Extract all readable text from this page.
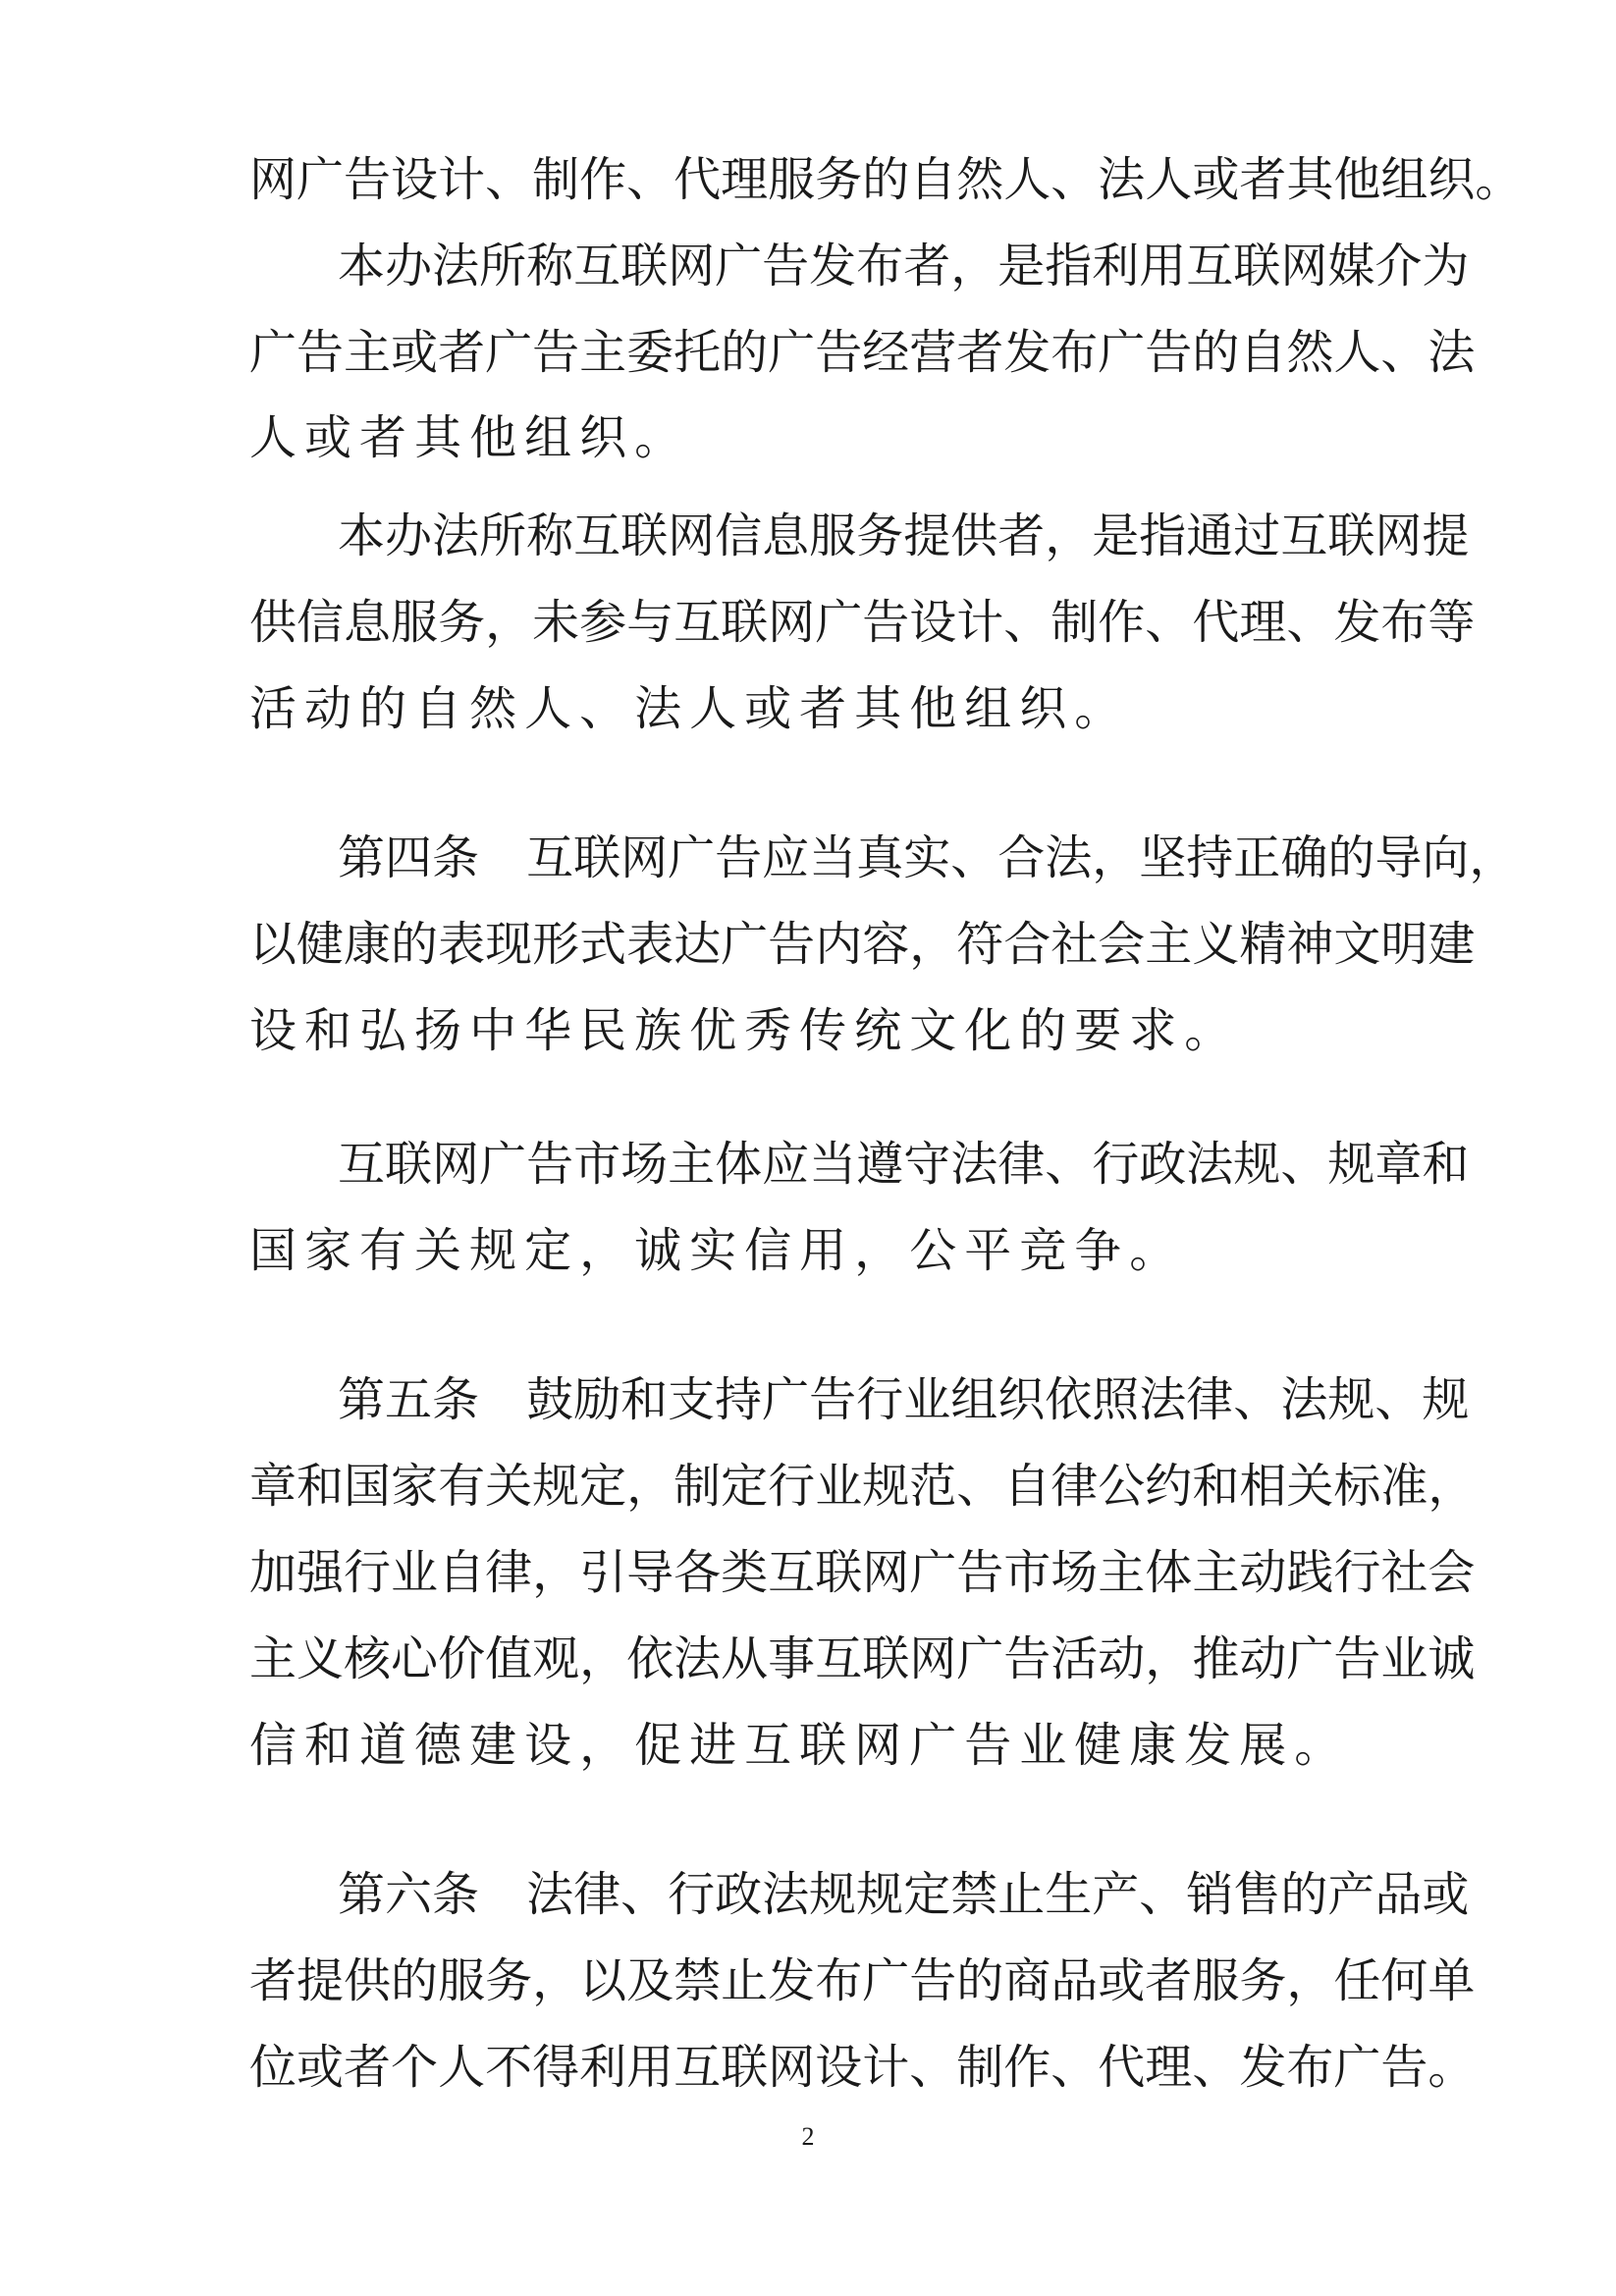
网 广 告 设 计 、 制 作 、 代 理 服 务 的 自 然 人 、 法 人 或 者 其 他 组 织 。
本 办 法 所 称 互 联 网 广 告 发 布 者 ， 是 指 利 用 互 联 网 媒 介 为
广 告 主 或 者 广 告 主 委 托 的 广 告 经 营 者 发 布 广 告 的 自 然 人 、 法
人 或 者 其 他 组 织 。
本 办 法 所 称 互 联 网 信 息 服 务 提 供 者 ， 是 指 通 过 互 联 网 提
供 信 息 服 务 ， 未 参 与 互 联 网 广 告 设 计 、 制 作 、 代 理 、 发 布 等
活 动 的 自 然 人 、 法 人 或 者 其 他 组 织 。
第 四 条
　 互 联 网 广 告 应 当 真 实 、 合 法 ， 坚 持 正 确 的 导 向 ，
以 健 康 的 表 现 形 式 表 达 广 告 内 容 ， 符 合 社 会 主 义 精 神 文 明 建
设 和 弘 扬 中 华 民 族 优 秀 传 统 文 化 的 要 求 。
互 联 网 广 告 市 场 主 体 应 当 遵 守 法 律 、 行 政 法 规 、 规 章 和
国 家 有 关 规 定 ， 诚 实 信 用 ， 公 平 竞 争 。
第 五 条
　 鼓 励 和 支 持 广 告 行 业 组 织 依 照 法 律 、 法 规 、 规
章 和 国 家 有 关 规 定 ， 制 定 行 业 规 范 、 自 律 公 约 和 相 关 标 准 ，
加 强 行 业 自 律 ， 引 导 各 类 互 联 网 广 告 市 场 主 体 主 动 践 行 社 会
主 义 核 心 价 值 观 ， 依 法 从 事 互 联 网 广 告 活 动 ， 推 动 广 告 业 诚
信 和 道 德 建 设 ， 促 进 互 联 网 广 告 业 健 康 发 展 。
第 六 条
　 法 律 、 行 政 法 规 规 定 禁 止 生 产 、 销 售 的 产 品 或
者 提 供 的 服 务 ， 以 及 禁 止 发 布 广 告 的 商 品 或 者 服 务 ， 任 何 单
位 或 者 个 人 不 得 利 用 互 联 网 设 计 、 制 作 、 代 理 、 发 布 广 告 。
2
